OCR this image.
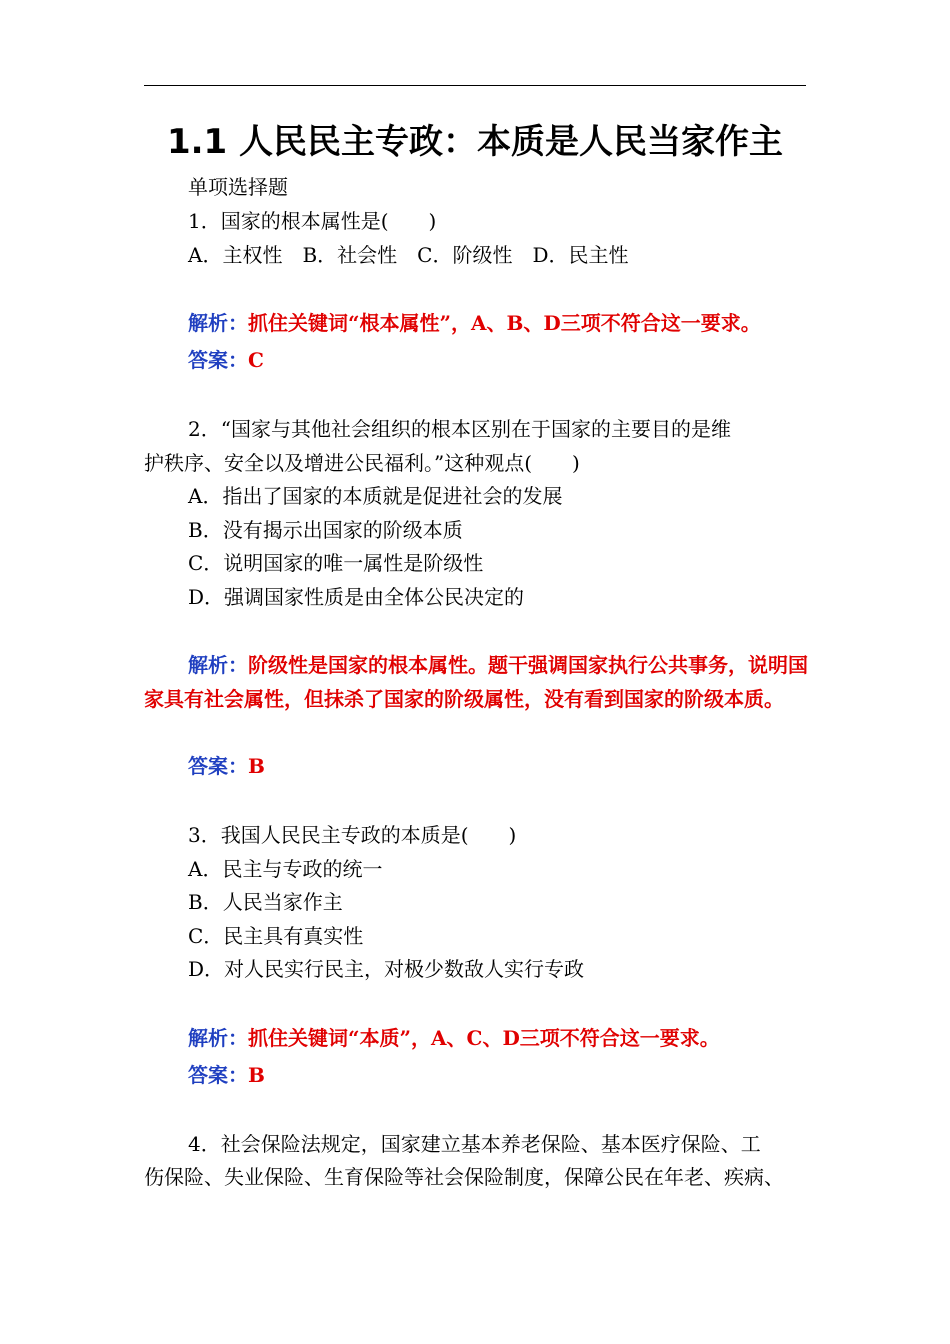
1.1 人民民主专政：本质是人民当家作主
单项选择题
1．国家的根本属性是(　　)
A．主权性　B．社会性　C．阶级性　D．民主性
解析：抓住关键词“根本属性”，A、B、D三项不符合这一要求。
答案：C
2．“国家与其他社会组织的根本区别在于国家的主要目的是维
护秩序、安全以及增进公民福利。”这种观点(　　)
A．指出了国家的本质就是促进社会的发展
B．没有揭示出国家的阶级本质
C．说明国家的唯一属性是阶级性
D．强调国家性质是由全体公民决定的
解析：阶级性是国家的根本属性。题干强调国家执行公共事务，说明国家具有社会属性，但抹杀了国家的阶级属性，没有看到国家的阶级本质。
答案：B
3．我国人民民主专政的本质是(　　)
A．民主与专政的统一
B．人民当家作主
C．民主具有真实性
D．对人民实行民主，对极少数敌人实行专政
解析：抓住关键词“本质”，A、C、D三项不符合这一要求。
答案：B
4．社会保险法规定，国家建立基本养老保险、基本医疗保险、工
伤保险、失业保险、生育保险等社会保险制度，保障公民在年老、疾病、
